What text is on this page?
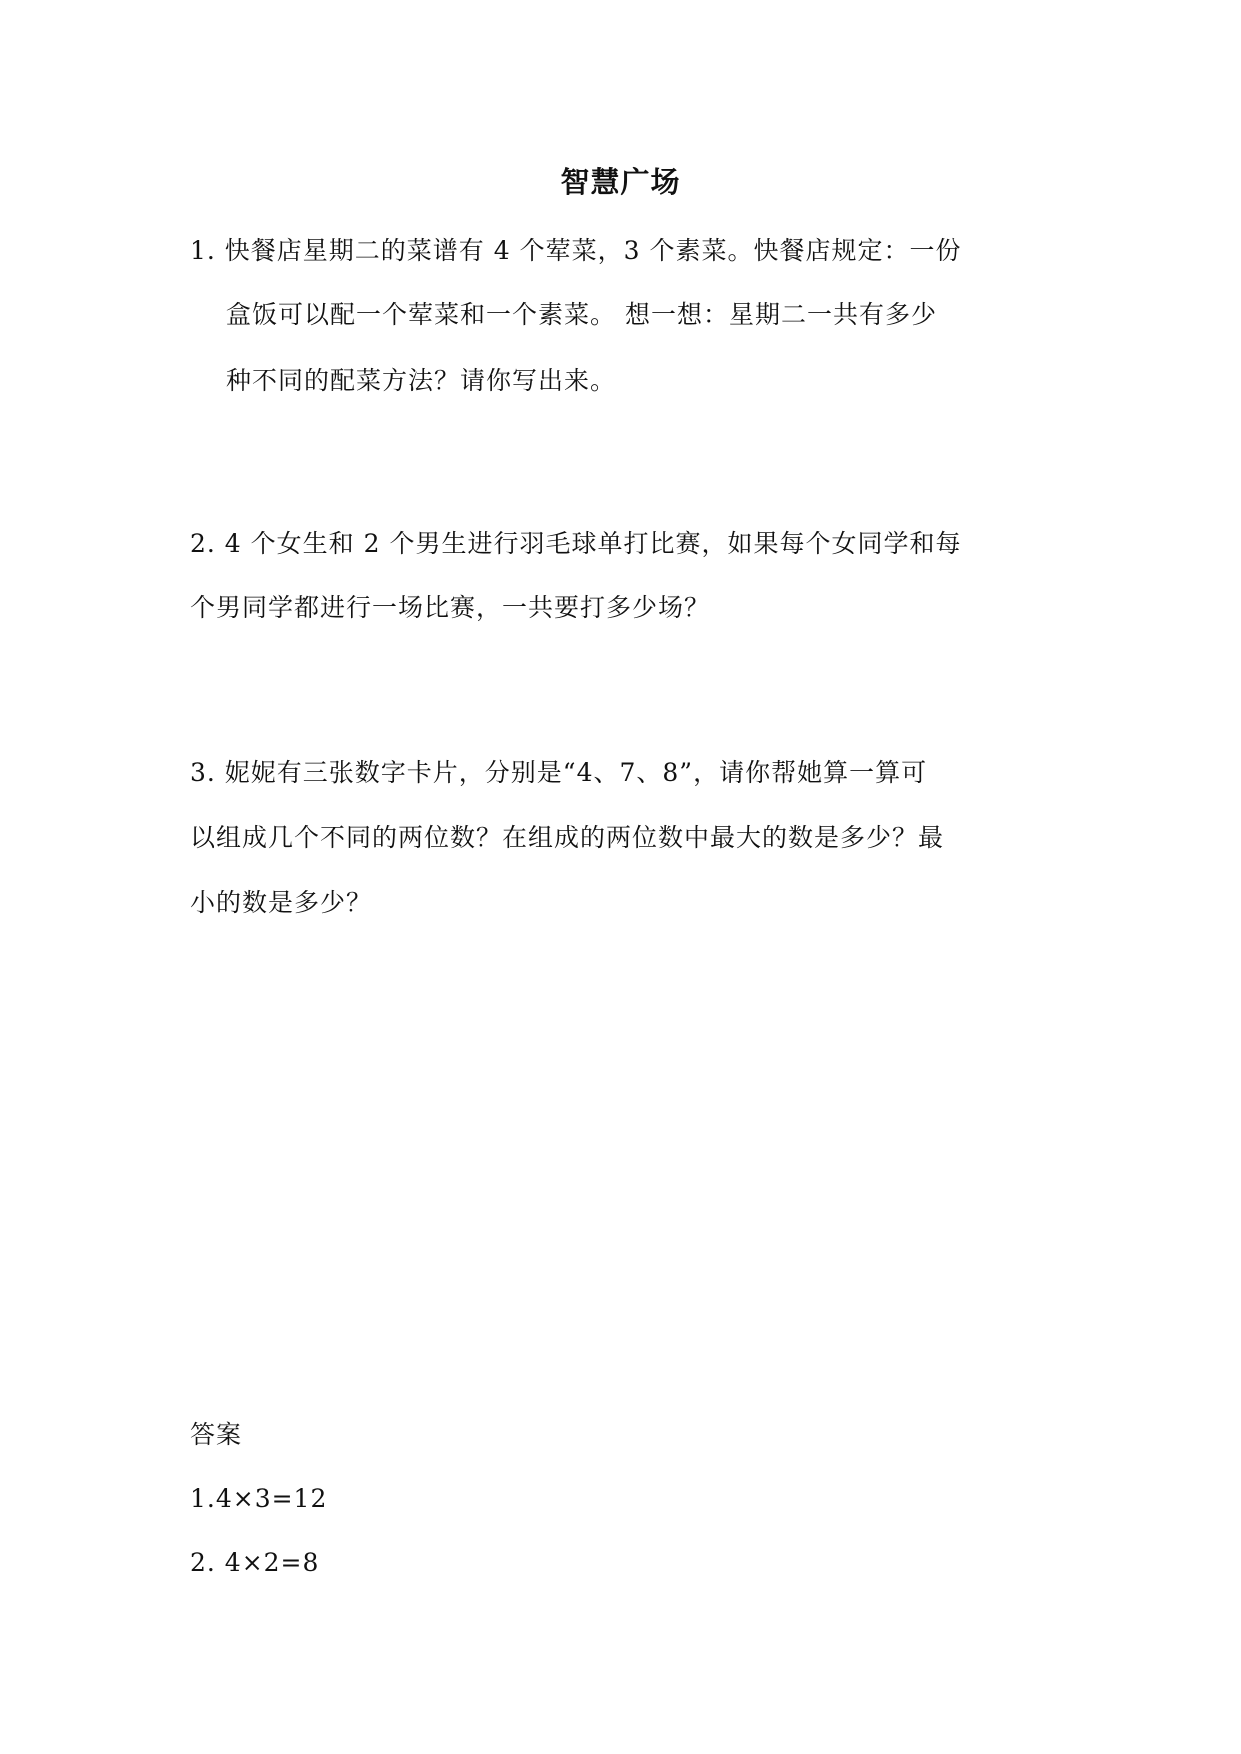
智慧广场
1. 快餐店星期二的菜谱有 4 个荤菜，3 个素菜。快餐店规定：一份
盒饭可以配一个荤菜和一个素菜。 想一想：星期二一共有多少
种不同的配菜方法？请你写出来。
2. 4 个女生和 2 个男生进行羽毛球单打比赛，如果每个女同学和每
个男同学都进行一场比赛，一共要打多少场？
3. 妮妮有三张数字卡片，分别是“4、7、8”，请你帮她算一算可
以组成几个不同的两位数？在组成的两位数中最大的数是多少？最
小的数是多少？
答案
1.4×3=12
2. 4×2=8
